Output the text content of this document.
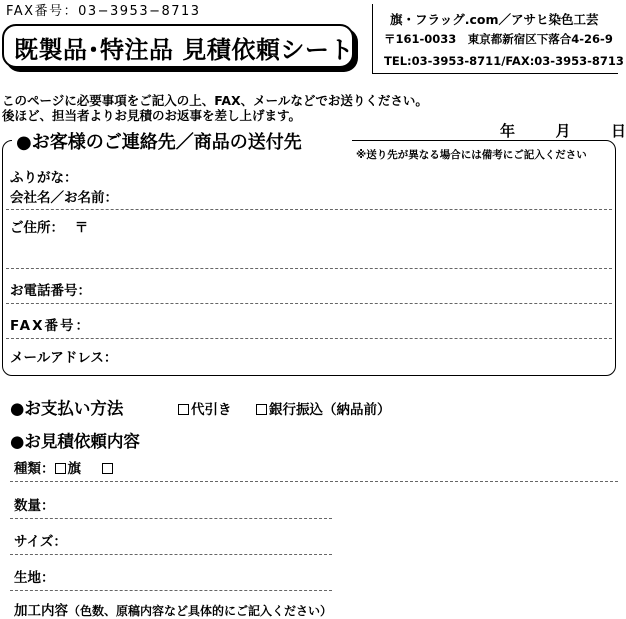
FAX番号：03−3953−8713
既製品･特注品 見積依頼シート
旗・フラッグ.com／アサヒ染色工芸
〒161-0033　東京都新宿区下落合4-26-9
TEL:03-3953-8711/FAX:03-3953-8713
このページに必要事項をご記入の上、FAX、メールなどでお送りください。
後ほど、担当者よりお見積のお返事を差し上げます。
年	月	日
●お客様のご連絡先／商品の送付先
※送り先が異なる場合には備考にご記入ください
ふりがな：
会社名／お名前：
ご住所： 〒
お電話番号：
FAX番号：
メールアドレス：
●お支払い方法	代引き	銀行振込（納品前）
●お見積依頼内容
種類： 旗
数量：
サイズ：
生地：
加工内容（色数、原稿内容など具体的にご記入ください）
